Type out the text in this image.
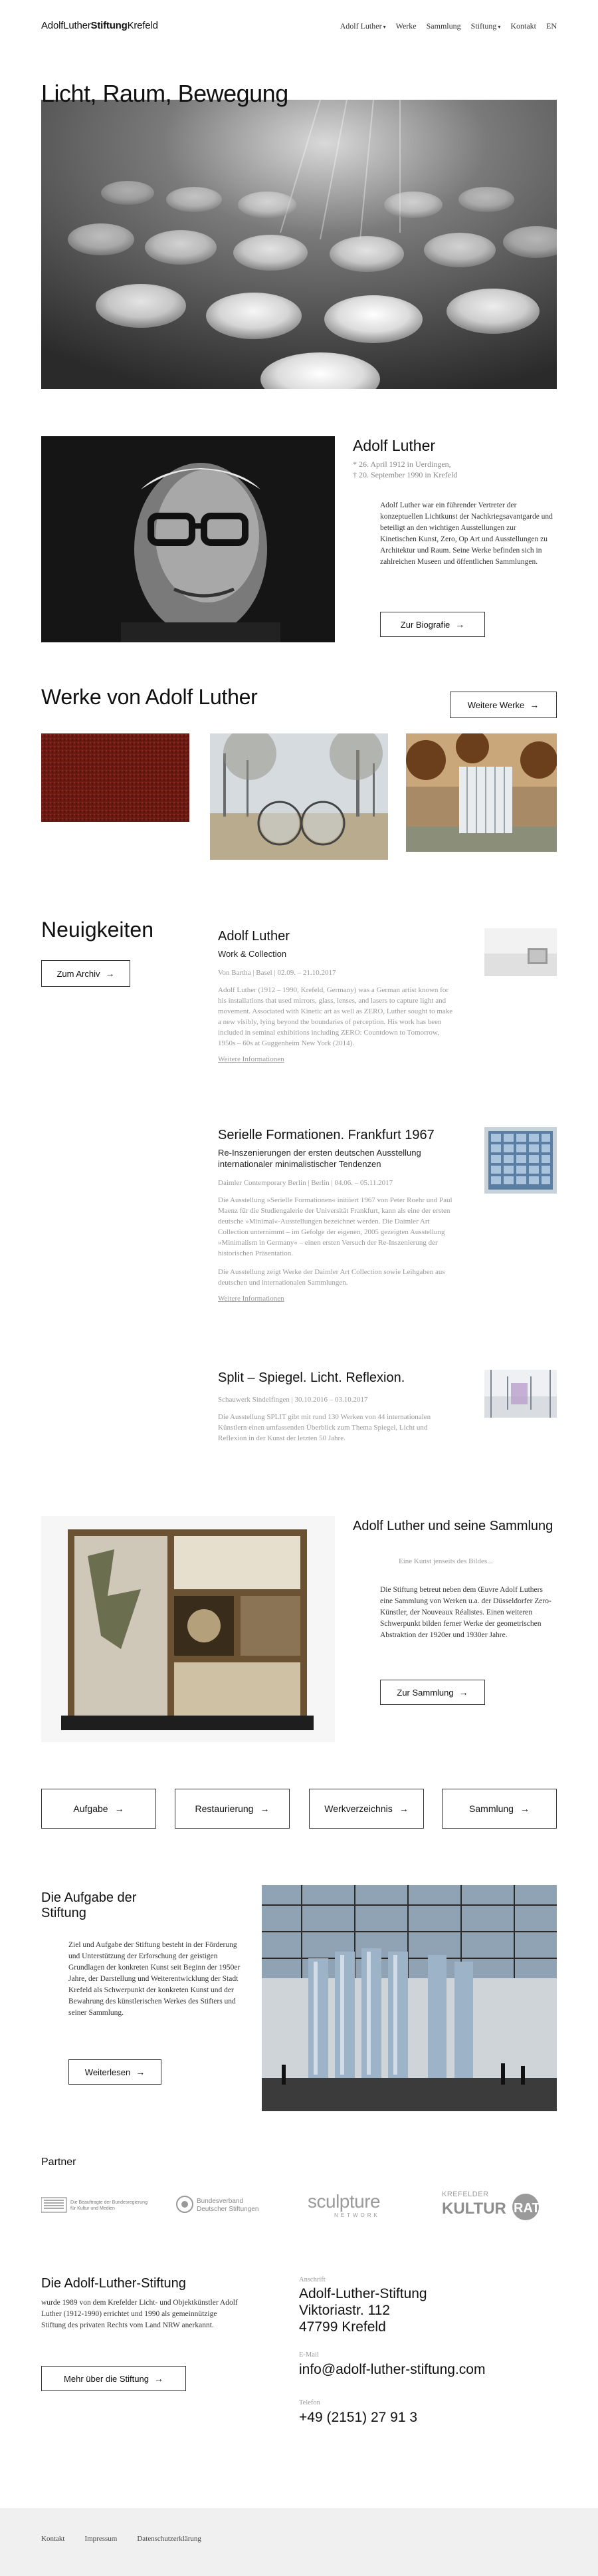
AdolfLutherStiftungKrefeld	Adolf Luther ▾ Werke Sammlung Stiftung ▾ Kontakt EN
Licht, Raum, Bewegung
Adolf Luther
* 26. April 1912 in Uerdingen,
† 20. September 1990 in Krefeld

Adolf Luther war ein führender Vertreter der konzeptuellen Lichtkunst der Nachkriegsavantgarde und beteiligt an den wichtigen Ausstellungen zur Kinetischen Kunst, Zero, Op Art und Ausstellungen zu Architektur und Raum. Seine Werke befinden sich in zahlreichen Museen und öffentlichen Sammlungen.

Zur Biografie →
Werke von Adolf Luther	Weitere Werke →
Neuigkeiten
Zum Archiv →
Adolf Luther
Work & Collection
Von Bartha | Basel | 02.09. – 21.10.2017

Adolf Luther (1912 – 1990, Krefeld, Germany) was a German artist known for his installations that used mirrors, glass, lenses, and lasers to capture light and movement. Associated with Kinetic art as well as ZERO, Luther sought to make a new visibly, lying beyond the boundaries of perception. His work has been included in seminal exhibitions including ZERO: Countdown to Tomorrow, 1950s – 60s at Guggenheim New York (2014).

Weitere Informationen
Serielle Formationen. Frankfurt 1967
Re-Inszenierungen der ersten deutschen Ausstellung internationaler minimalistischer Tendenzen
Daimler Contemporary Berlin | Berlin | 04.06. – 05.11.2017

Die Ausstellung »Serielle Formationen« initiiert 1967 von Peter Roehr und Paul Maenz für die Studiengalerie der Universität Frankfurt, kann als eine der ersten deutsche »Minimal«-Ausstellungen bezeichnet werden. Die Daimler Art Collection unternimmt – im Gefolge der eigenen, 2005 gezeigten Ausstellung »Minimalism in Germany« – einen ersten Versuch der Re-Inszenierung der historischen Präsentation.

Die Ausstellung zeigt Werke der Daimler Art Collection sowie Leihgaben aus deutschen und internationalen Sammlungen.

Weitere Informationen
Split – Spiegel. Licht. Reflexion.
Schauwerk Sindelfingen | 30.10.2016 – 03.10.2017

Die Ausstellung SPLIT gibt mit rund 130 Werken von 44 internationalen Künstlern einen umfassenden Überblick zum Thema Spiegel, Licht und Reflexion in der Kunst der letzten 50 Jahre.

Adolf Luther und seine Sammlung
Eine Kunst jenseits des Bildes...

Die Stiftung betreut neben dem Œuvre Adolf Luthers eine Sammlung von Werken u.a. der Düsseldorfer Zero-Künstler, der Nouveaux Réalistes. Einen weiteren Schwerpunkt bilden ferner Werke der geometrischen Abstraktion der 1920er und 1930er Jahre.

Zur Sammlung →
Aufgabe →	Restaurierung →	Werkverzeichnis →	Sammlung →
Die Aufgabe der Stiftung

Ziel und Aufgabe der Stiftung besteht in der Förderung und Unterstützung der Erforschung der geistigen Grundlagen der konkreten Kunst seit Beginn der 1950er Jahre, der Darstellung und Weiterentwicklung der Stadt Krefeld als Schwerpunkt der konkreten Kunst und der Bewahrung des künstlerischen Werkes des Stifters und seiner Sammlung.

Weiterlesen →
Partner
Die Beauftragte der Bundesregierung
für Kultur und Medien
Bundesverband
Deutscher Stiftungen	sculpture
NETWORK
KREFELDER
KULTUR RAT
Die Adolf-Luther-Stiftung

wurde 1989 von dem Krefelder Licht- und Objektkünstler Adolf Luther (1912-1990) errichtet und 1990 als gemeinnützige Stiftung des privaten Rechts vom Land NRW anerkannt.

Mehr über die Stiftung →
Anschrift
Adolf-Luther-Stiftung
Viktoriastr. 112
47799 Krefeld
E-Mail
info@adolf-luther-stiftung.com
Telefon
+49 (2151) 27 91 3
Kontakt	Impressum	Datenschutzerklärung
